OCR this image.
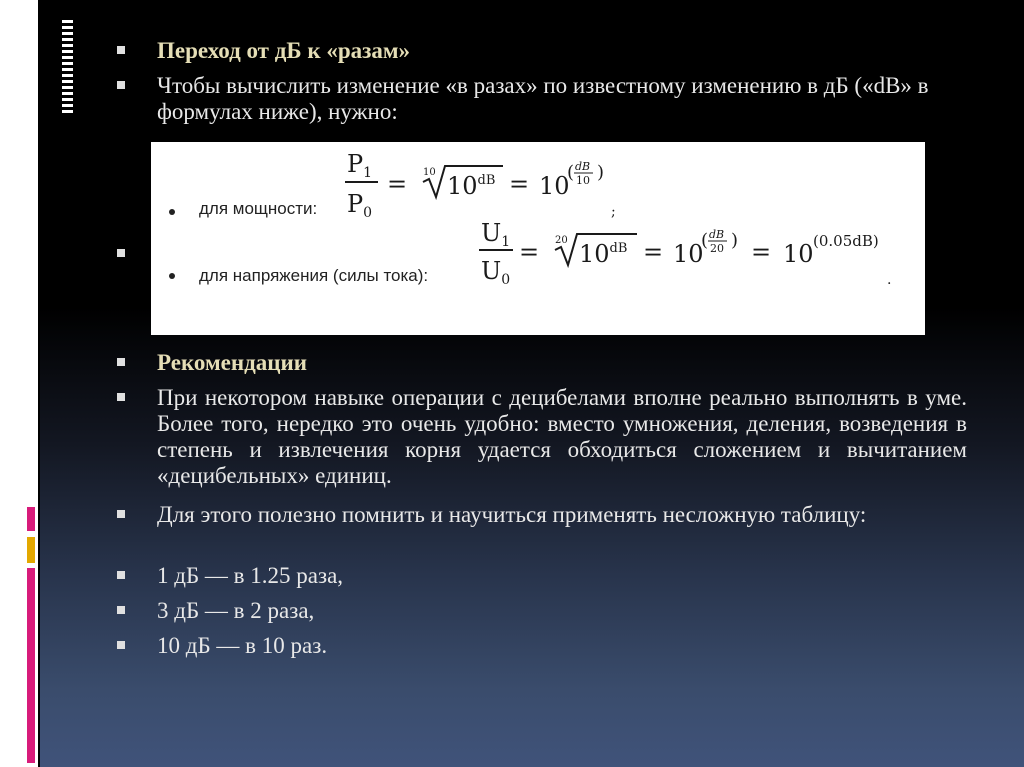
Переход от дБ к «разам»
Чтобы вычислить изменение «в разах» по известному изменению в дБ («dB» в формулах ниже), нужно:
Рекомендации
При некотором навыке операции с децибелами вполне реально выполнять в уме. Более того, нередко это очень удобно: вместо умножения, деления, возведения в степень и извлечения корня удается обходиться сложением и вычитанием «децибельных» единиц.
Для этого полезно помнить и научиться применять несложную таблицу:
1 дБ — в 1.25 раза,
3 дБ — в 2 раза,
10 дБ — в 10 раз.
для мощности:
для напряжения (силы тока):
$P_1$
$P_0$
= 10 $10^{dB} = 10$
( dB
10 )
;
$U_1$
$U_0$
= 20 $10^{dB} = 10$
( dB
20 ) = 10 (0.05dB)
.
